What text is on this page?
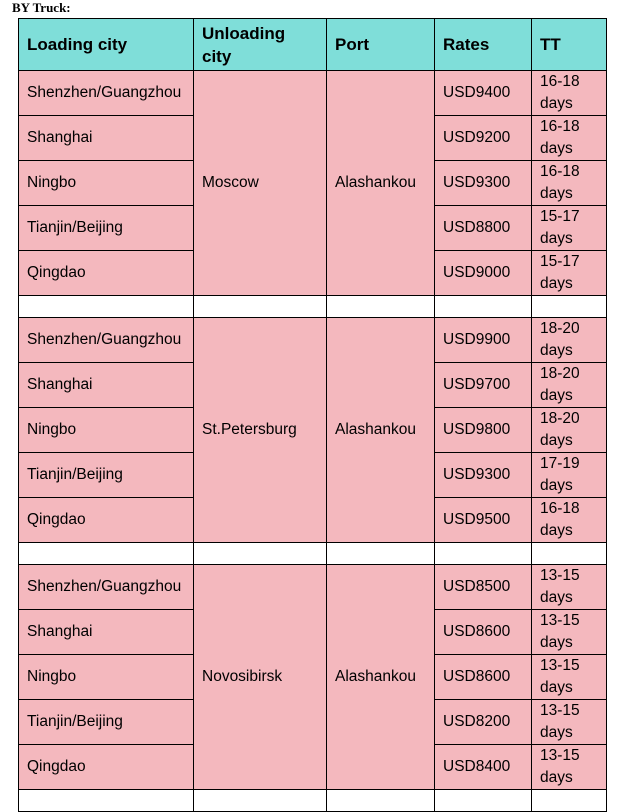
BY Truck:
Loading city	Unloading city	Port	Rates	TT
Shenzhen/Guangzhou	Moscow	Alashankou	USD9400	16-18 days

Shanghai			USD9200	16-18 days

Ningbo			USD9300	16-18 days

Tianjin/Beijing			USD8800	15-17 days

Qingdao			USD9000	15-17 days

Shenzhen/Guangzhou	St.Petersburg	Alashankou	USD9900	18-20 days

Shanghai			USD9700	18-20 days

Ningbo			USD9800	18-20 days

Tianjin/Beijing			USD9300	17-19 days

Qingdao			USD9500	16-18 days

Shenzhen/Guangzhou	Novosibirsk	Alashankou	USD8500	13-15 days

Shanghai			USD8600	13-15 days

Ningbo			USD8600	13-15 days

Tianjin/Beijing			USD8200	13-15 days

Qingdao			USD8400	13-15 days
